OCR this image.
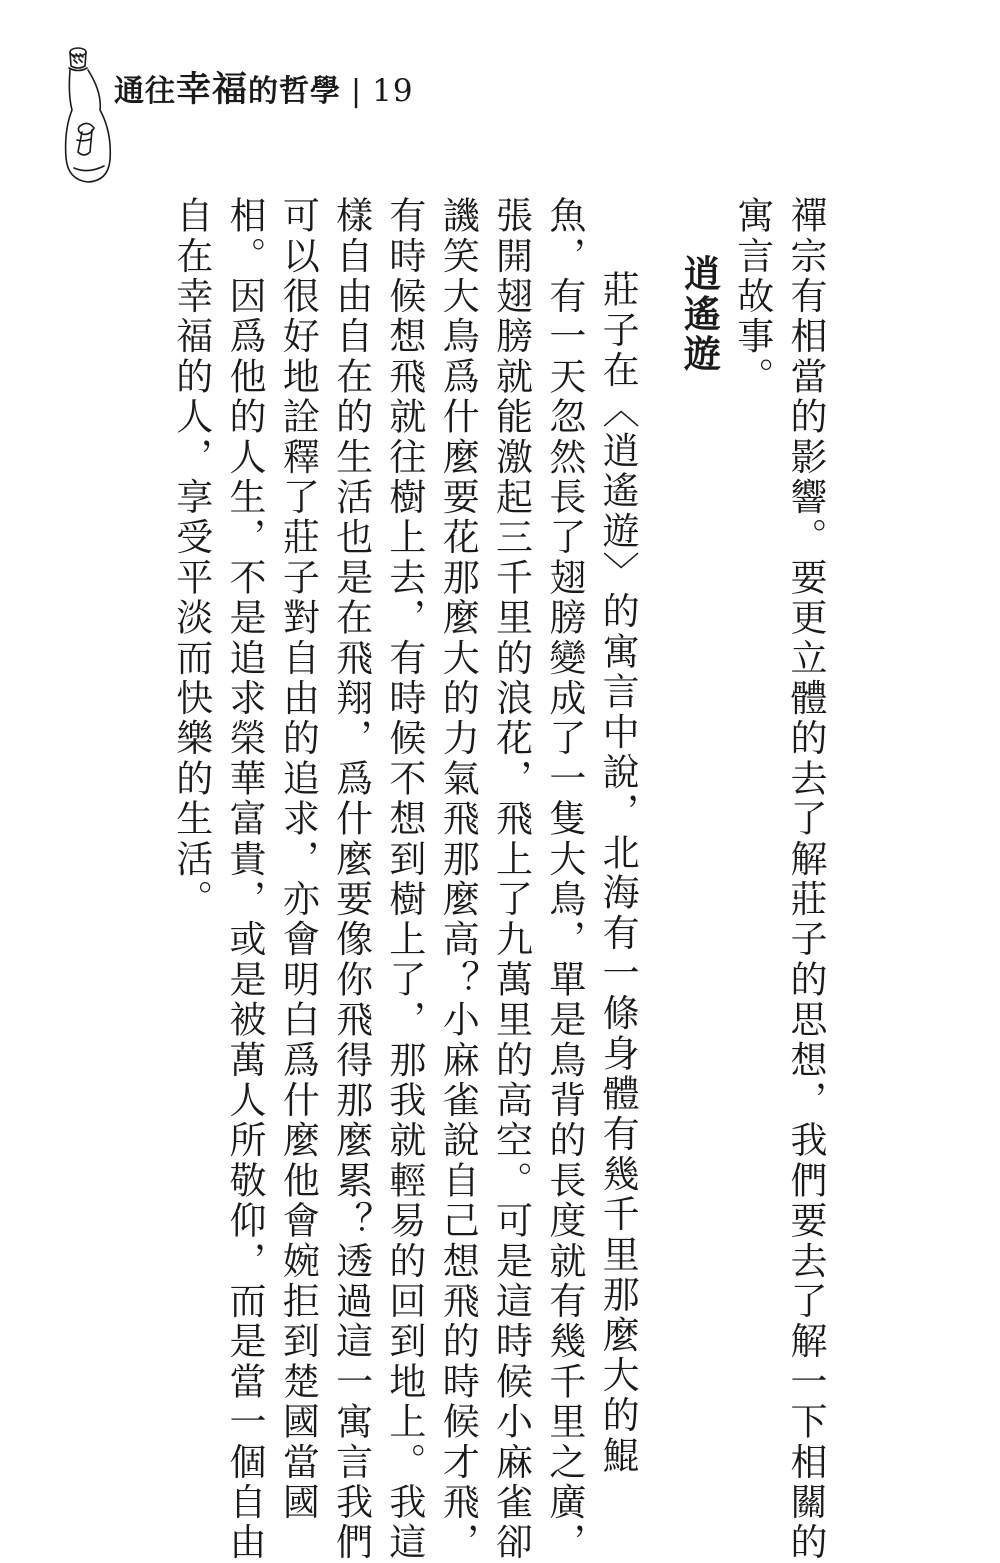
通往幸福的哲學 | 19

禪宗有相當的影響。要更立體的去了解莊子的思想，我們要去了解一下相關的

寓言故事。

逍遙遊

莊子在〈逍遙遊〉的寓言中說，北海有一條身體有幾千里那麼大的鯤

魚，有一天忽然長了翅膀變成了一隻大鳥，單是鳥背的長度就有幾千里之廣，

張開翅膀就能激起三千里的浪花，飛上了九萬里的高空。可是這時候小麻雀卻

譏笑大鳥爲什麼要花那麼大的力氣飛那麼高？小麻雀說自己想飛的時候才飛，

有時候想飛就往樹上去，有時候不想到樹上了，那我就輕易的回到地上。我這

樣自由自在的生活也是在飛翔，爲什麼要像你飛得那麼累？透過這一寓言我們

可以很好地詮釋了莊子對自由的追求，亦會明白爲什麼他會婉拒到楚國當國

相。因爲他的人生，不是追求榮華富貴，或是被萬人所敬仰，而是當一個自由

自在幸福的人，享受平淡而快樂的生活。
